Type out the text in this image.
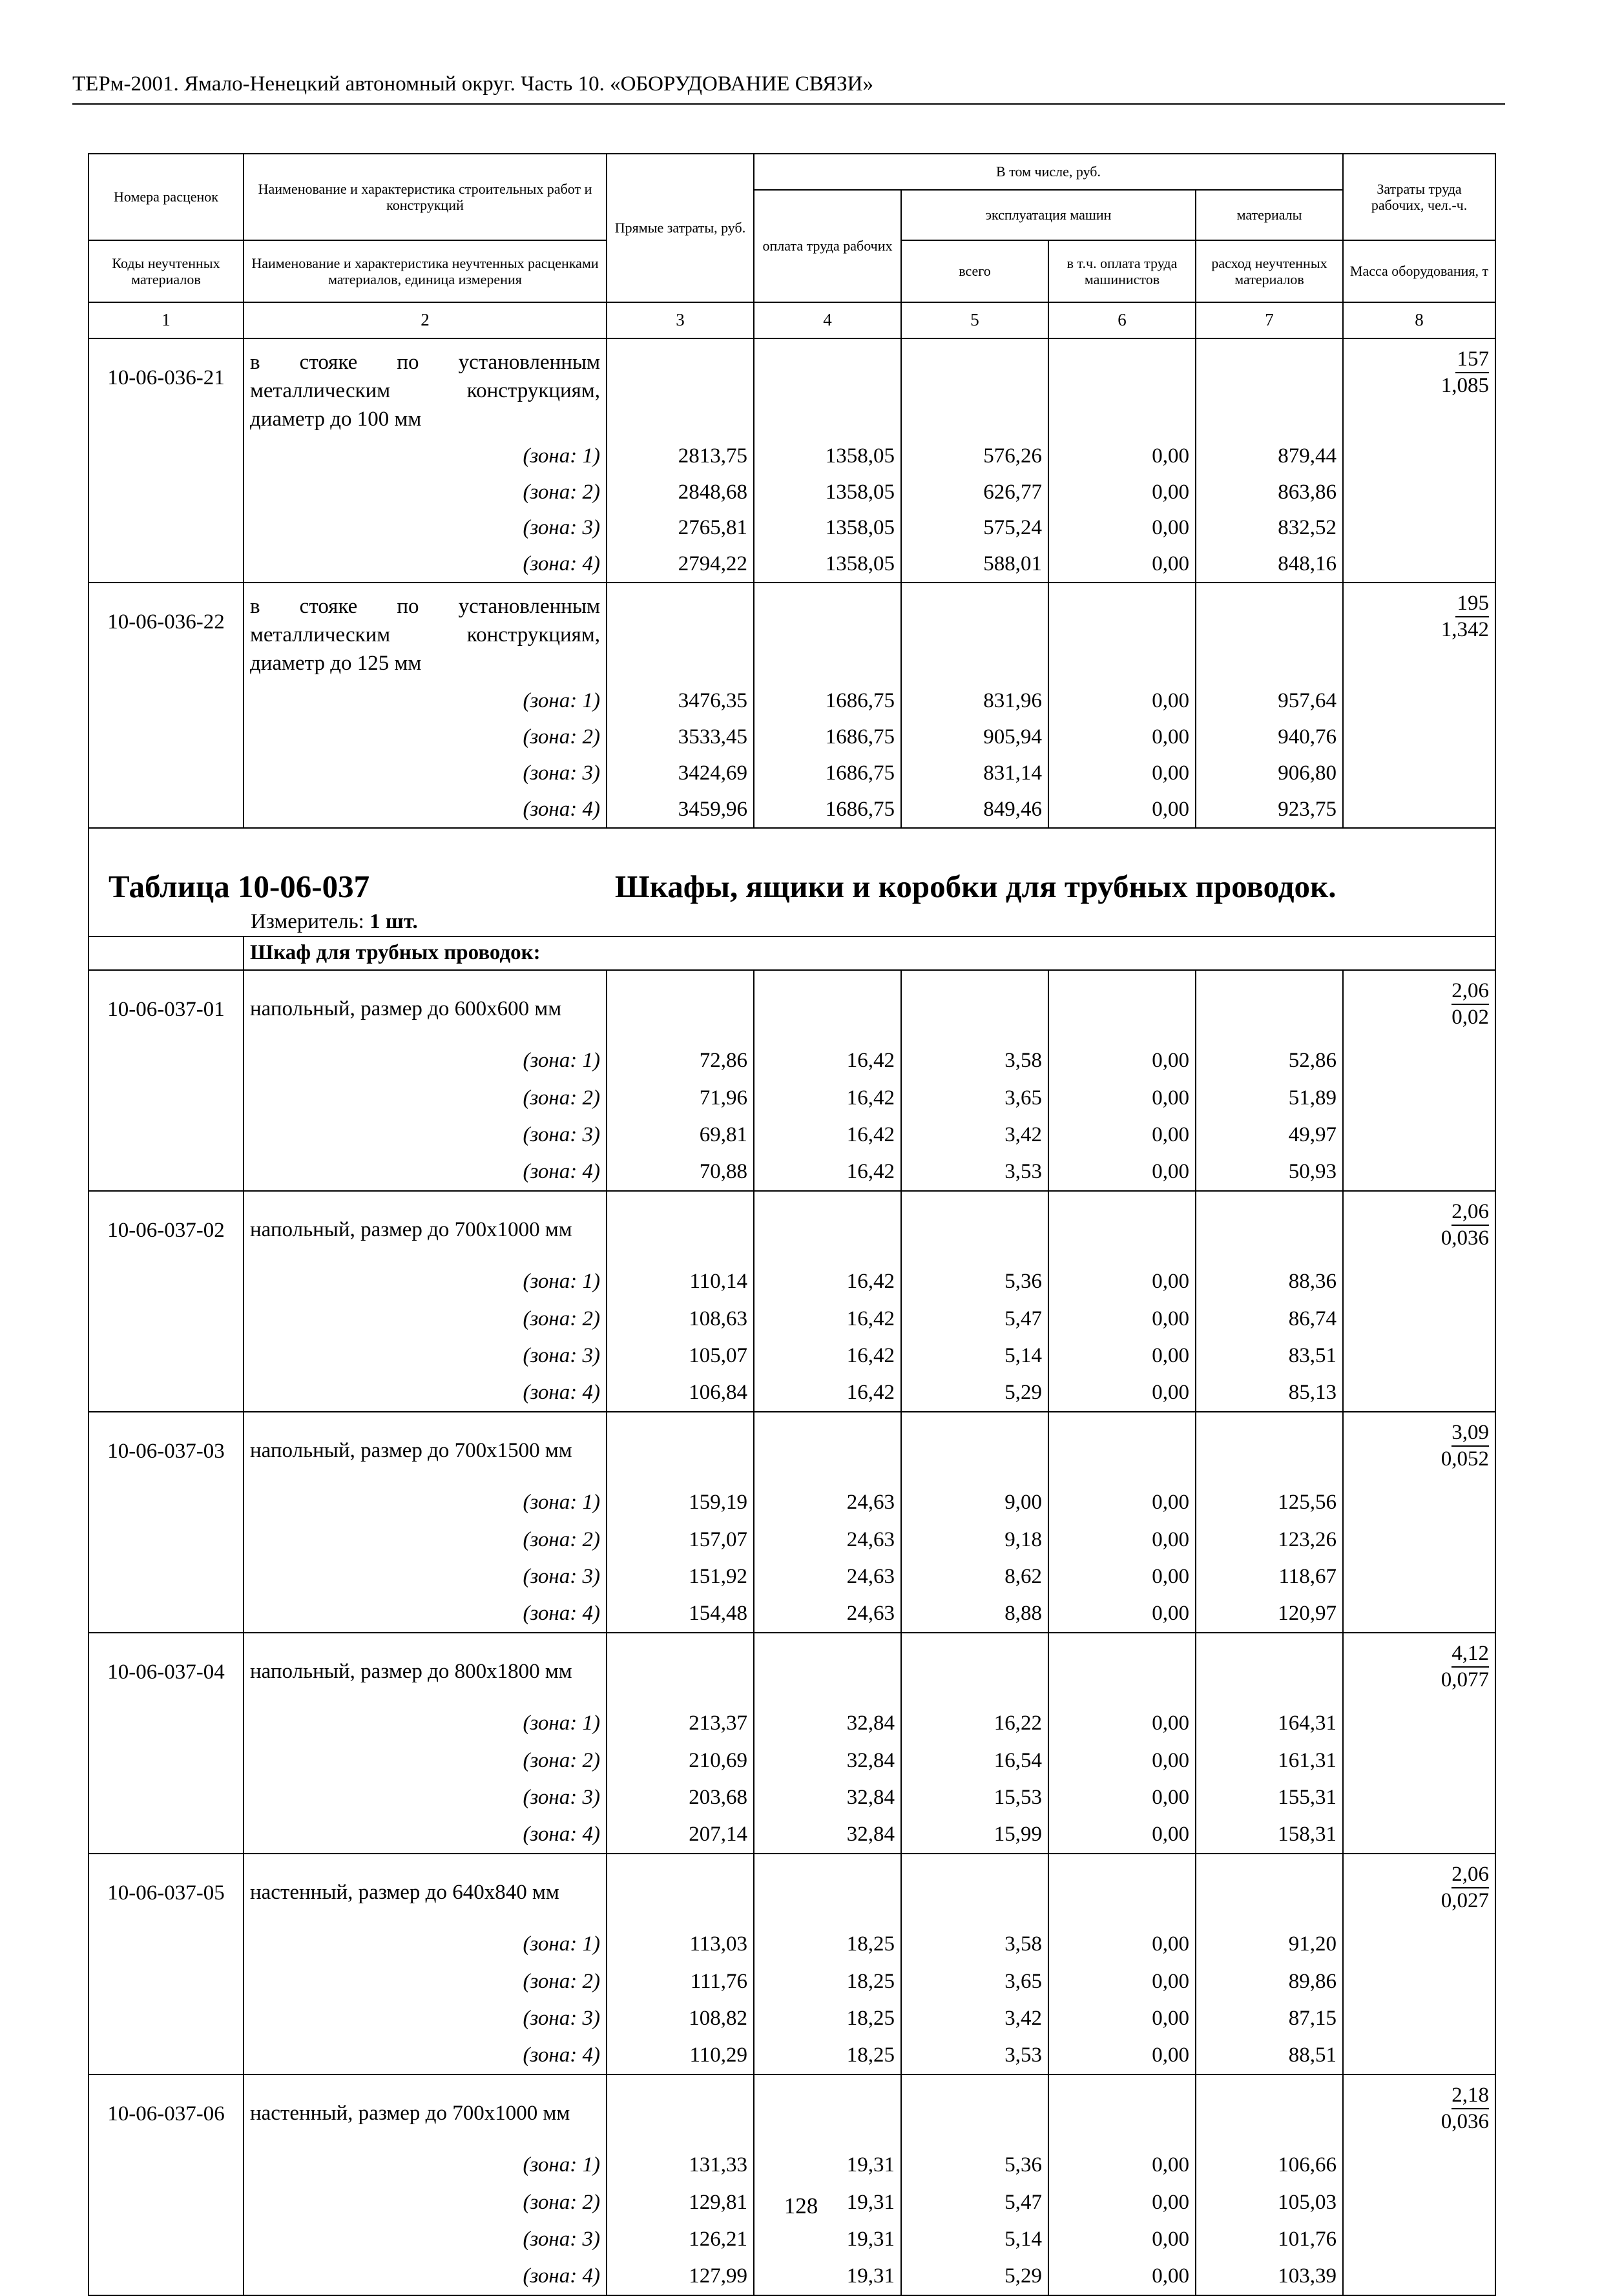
ТЕРм-2001. Ямало-Ненецкий автономный округ. Часть 10. «ОБОРУДОВАНИЕ СВЯЗИ»
Номера расценок	Наименование и характеристика строительных работ и конструкций	Прямые затраты, руб.	В том числе, руб.				Затраты труда рабочих, чел.-ч.
			оплата труда рабочих	эксплуатация машин		материалы	
Коды неучтенных материалов	Наименование и характеристика неучтенных расценками материалов, единица измерения			всего	в т.ч. оплата труда машинистов	расход неучтенных материалов	Масса оборудования, т
1	2	3	4	5	6	7	8
10-06-036-21	в стояке по установленным металлическим конструкциям, диаметр до 100 мм						157
1,085
	(зона: 1)	2813,75	1358,05	576,26	0,00	879,44	
	(зона: 2)	2848,68	1358,05	626,77	0,00	863,86	
	(зона: 3)	2765,81	1358,05	575,24	0,00	832,52	
	(зона: 4)	2794,22	1358,05	588,01	0,00	848,16	
10-06-036-22	в стояке по установленным металлическим конструкциям, диаметр до 125 мм						195
1,342
	(зона: 1)	3476,35	1686,75	831,96	0,00	957,64	
	(зона: 2)	3533,45	1686,75	905,94	0,00	940,76	
	(зона: 3)	3424,69	1686,75	831,14	0,00	906,80	
	(зона: 4)	3459,96	1686,75	849,46	0,00	923,75	

Таблица 10-06-037 Шкафы, ящики и коробки для трубных проводок.
Измеритель: 1 шт.							

	Шкаф для трубных проводок:						
10-06-037-01	напольный, размер до 600х600 мм						2,06
0,02
	(зона: 1)	72,86	16,42	3,58	0,00	52,86	
	(зона: 2)	71,96	16,42	3,65	0,00	51,89	
	(зона: 3)	69,81	16,42	3,42	0,00	49,97	
	(зона: 4)	70,88	16,42	3,53	0,00	50,93	
10-06-037-02	напольный, размер до 700х1000 мм						2,06
0,036
	(зона: 1)	110,14	16,42	5,36	0,00	88,36	
	(зона: 2)	108,63	16,42	5,47	0,00	86,74	
	(зона: 3)	105,07	16,42	5,14	0,00	83,51	
	(зона: 4)	106,84	16,42	5,29	0,00	85,13	
10-06-037-03	напольный, размер до 700х1500 мм						3,09
0,052
	(зона: 1)	159,19	24,63	9,00	0,00	125,56	
	(зона: 2)	157,07	24,63	9,18	0,00	123,26	
	(зона: 3)	151,92	24,63	8,62	0,00	118,67	
	(зона: 4)	154,48	24,63	8,88	0,00	120,97	
10-06-037-04	напольный, размер до 800х1800 мм						4,12
0,077
	(зона: 1)	213,37	32,84	16,22	0,00	164,31	
	(зона: 2)	210,69	32,84	16,54	0,00	161,31	
	(зона: 3)	203,68	32,84	15,53	0,00	155,31	
	(зона: 4)	207,14	32,84	15,99	0,00	158,31	
10-06-037-05	настенный, размер до 640х840 мм						2,06
0,027
	(зона: 1)	113,03	18,25	3,58	0,00	91,20	
	(зона: 2)	111,76	18,25	3,65	0,00	89,86	
	(зона: 3)	108,82	18,25	3,42	0,00	87,15	
	(зона: 4)	110,29	18,25	3,53	0,00	88,51	
10-06-037-06	настенный, размер до 700х1000 мм						2,18
0,036
	(зона: 1)	131,33	19,31	5,36	0,00	106,66	
	(зона: 2)	129,81	19,31	5,47	0,00	105,03	
	(зона: 3)	126,21	19,31	5,14	0,00	101,76	
	(зона: 4)	127,99	19,31	5,29	0,00	103,39	
128
